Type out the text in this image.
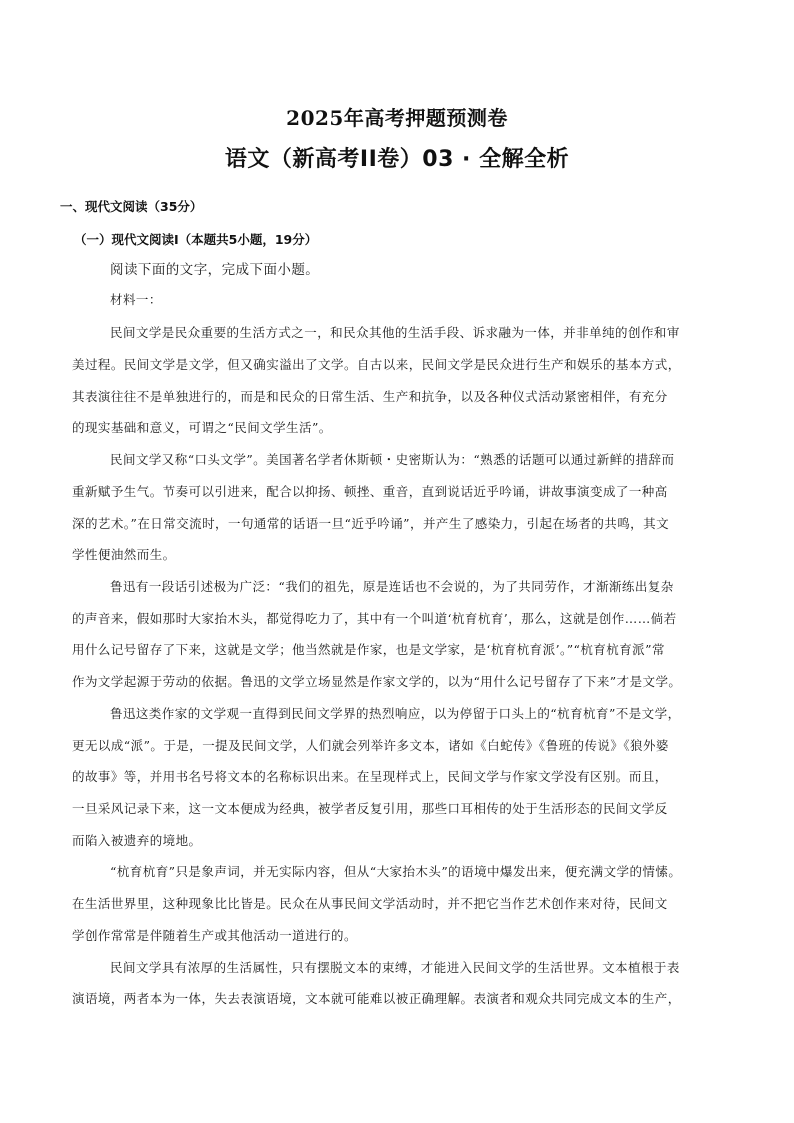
2025年高考押题预测卷
语文（新高考II卷）03 · 全解全析
一、现代文阅读（35分）
（一）现代文阅读Ⅰ（本题共5小题，19分）
阅读下面的文字，完成下面小题。
材料一：
民间文学是民众重要的生活方式之一，和民众其他的生活手段、诉求融为一体，并非单纯的创作和审
美过程。民间文学是文学，但又确实溢出了文学。自古以来，民间文学是民众进行生产和娱乐的基本方式，
其表演往往不是单独进行的，而是和民众的日常生活、生产和抗争，以及各种仪式活动紧密相伴，有充分
的现实基础和意义，可谓之“民间文学生活”。
民间文学又称“口头文学”。美国著名学者休斯顿・史密斯认为：“熟悉的话题可以通过新鲜的措辞而
重新赋予生气。节奏可以引进来，配合以抑扬、顿挫、重音，直到说话近乎吟诵，讲故事演变成了一种高
深的艺术。”在日常交流时，一句通常的话语一旦“近乎吟诵”，并产生了感染力，引起在场者的共鸣，其文
学性便油然而生。
鲁迅有一段话引述极为广泛：“我们的祖先，原是连话也不会说的，为了共同劳作，才渐渐练出复杂
的声音来，假如那时大家抬木头，都觉得吃力了，其中有一个叫道‘杭育杭育’，那么，这就是创作……倘若
用什么记号留存了下来，这就是文学；他当然就是作家，也是文学家，是‘杭育杭育派’。”“杭育杭育派”常
作为文学起源于劳动的依据。鲁迅的文学立场显然是作家文学的，以为“用什么记号留存了下来”才是文学。
鲁迅这类作家的文学观一直得到民间文学界的热烈响应，以为停留于口头上的“杭育杭育”不是文学，
更无以成“派”。于是，一提及民间文学，人们就会列举许多文本，诸如《白蛇传》《鲁班的传说》《狼外婆
的故事》等，并用书名号将文本的名称标识出来。在呈现样式上，民间文学与作家文学没有区别。而且，
一旦采风记录下来，这一文本便成为经典，被学者反复引用，那些口耳相传的处于生活形态的民间文学反
而陷入被遗弃的境地。
“杭育杭育”只是象声词，并无实际内容，但从“大家抬木头”的语境中爆发出来，便充满文学的情愫。
在生活世界里，这种现象比比皆是。民众在从事民间文学活动时，并不把它当作艺术创作来对待，民间文
学创作常常是伴随着生产或其他活动一道进行的。
民间文学具有浓厚的生活属性，只有摆脱文本的束缚，才能进入民间文学的生活世界。文本植根于表
演语境，两者本为一体，失去表演语境，文本就可能难以被正确理解。表演者和观众共同完成文本的生产，
